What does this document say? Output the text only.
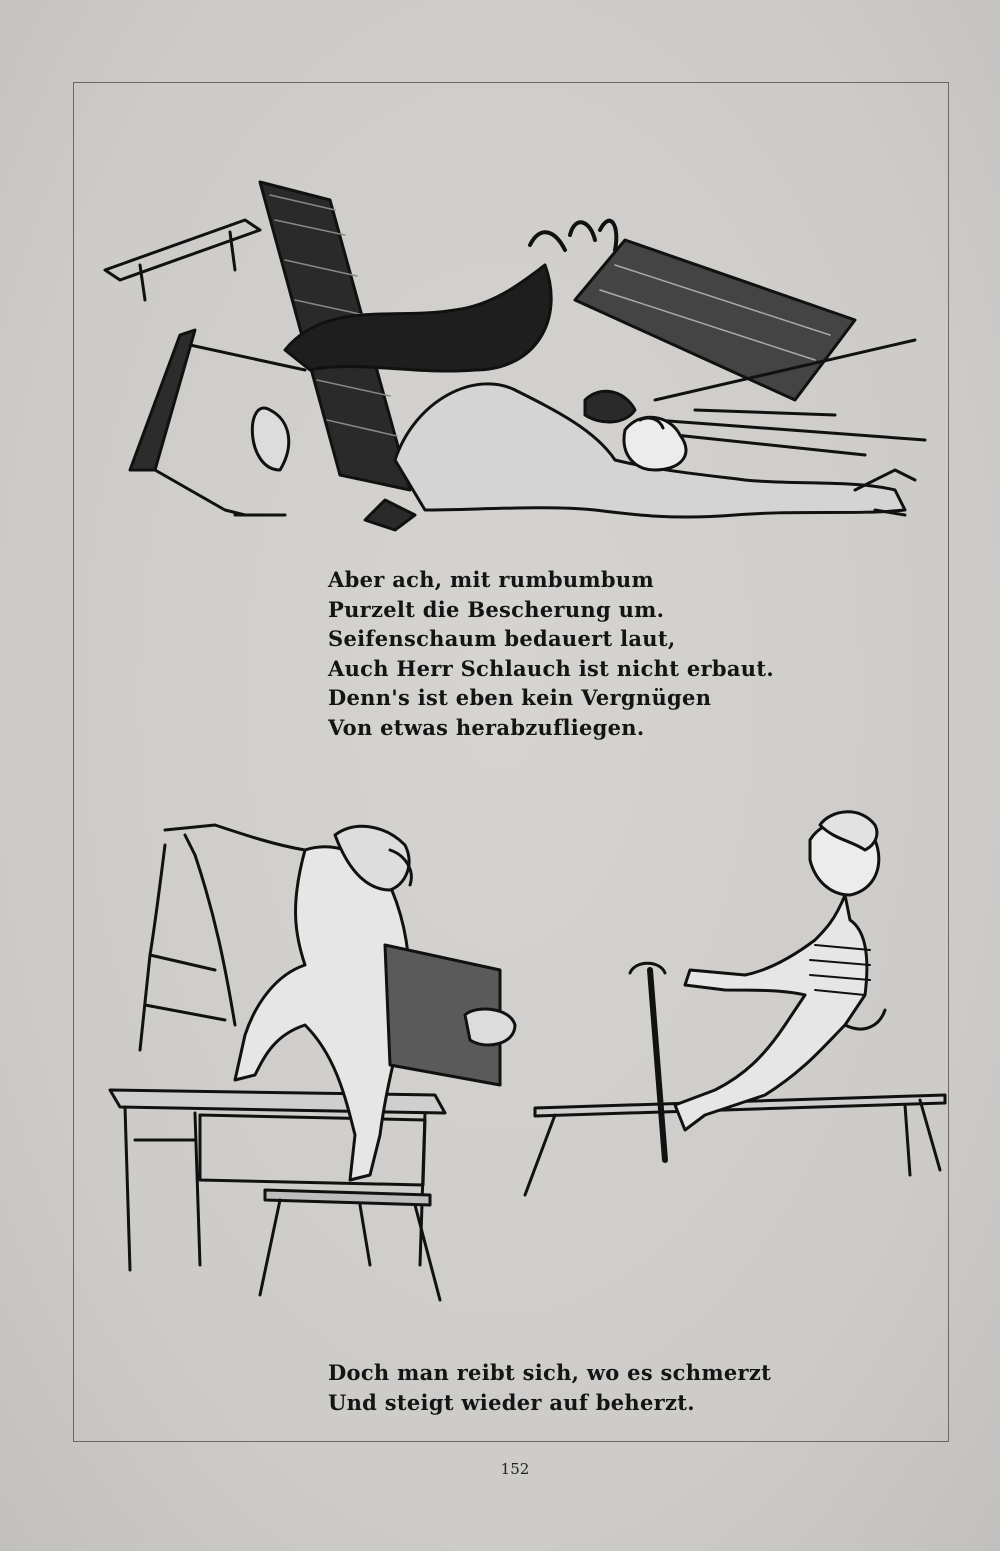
Aber ach, mit rumbumbum
Purzelt die Bescherung um.
Seifenschaum bedauert laut,
Auch Herr Schlauch ist nicht erbaut.
Denn's ist eben kein Vergnügen
Von etwas herabzufliegen.
Doch man reibt sich, wo es schmerzt
Und steigt wieder auf beherzt.
152
